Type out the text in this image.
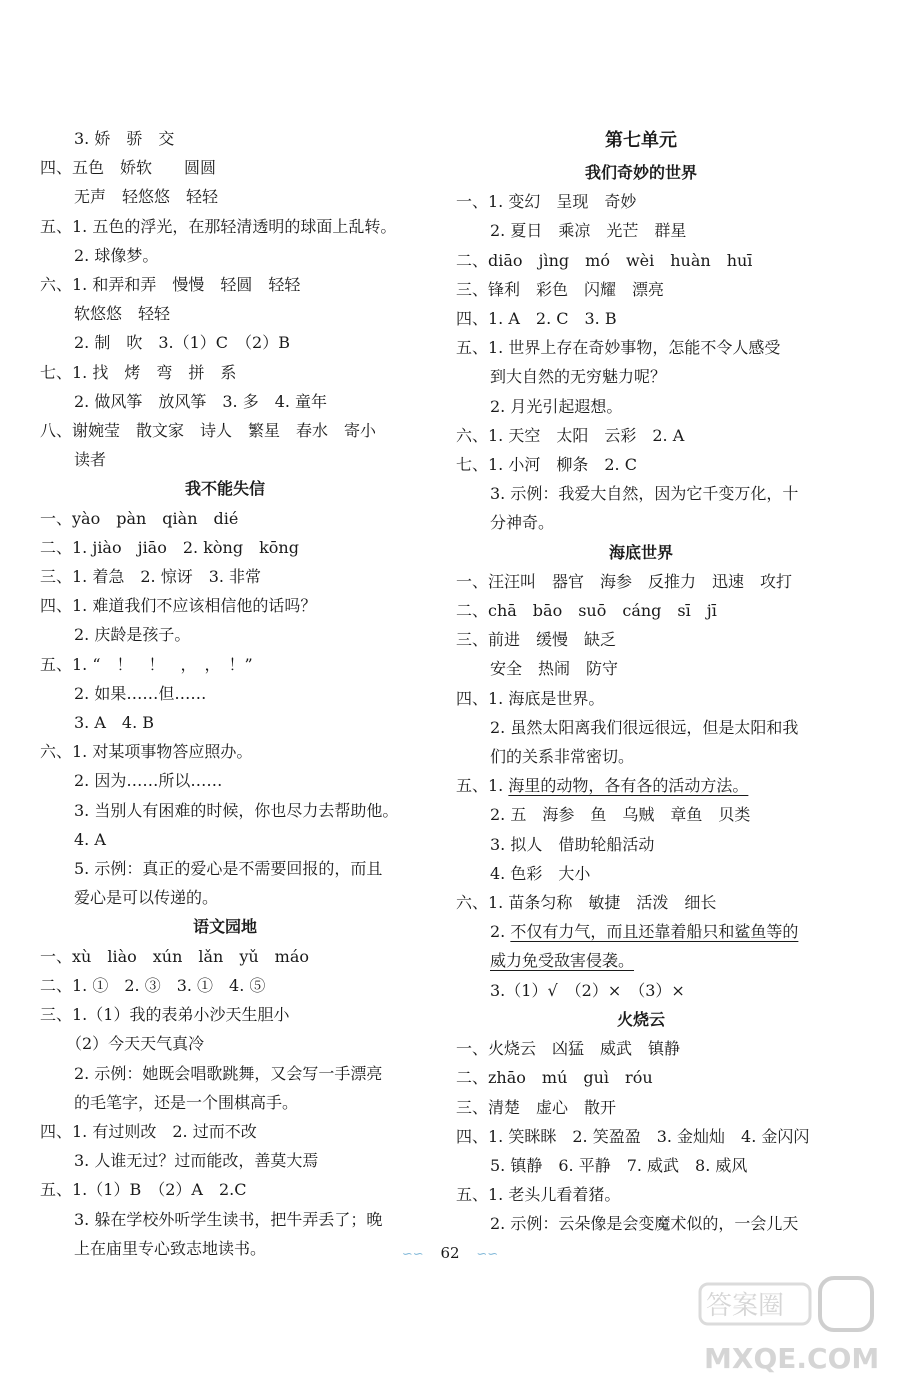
3. 娇　骄　交
四、五色　娇软　　圆圆
无声　轻悠悠　轻轻
五、1. 五色的浮光，在那轻清透明的球面上乱转。
2. 球像梦。
六、1. 和弄和弄　慢慢　轻圆　轻轻
软悠悠　轻轻
2. 制　吹　3.（1）C　（2）B
七、1. 找　烤　弯　拼　系
2. 做风筝　放风筝　3. 多　4. 童年
八、谢婉莹　散文家　诗人　繁星　春水　寄小
读者
我不能失信
一、yào　pàn　qiàn　dié
二、1. jiào　jiāo　2. kòng　kōng
三、1. 着急　2. 惊讶　3. 非常
四、1. 难道我们不应该相信他的话吗？
2. 庆龄是孩子。
五、1. “　！　！　，　，　！”
2. 如果……但……
3. A　4. B
六、1. 对某项事物答应照办。
2. 因为……所以……
3. 当别人有困难的时候，你也尽力去帮助他。
4. A
5. 示例：真正的爱心是不需要回报的，而且
爱心是可以传递的。
语文园地
一、xù　liào　xún　lǎn　yǔ　máo
二、1. ①　2. ③　3. ①　4. ⑤
三、1.（1）我的表弟小沙天生胆小
（2）今天天气真冷
2. 示例：她既会唱歌跳舞，又会写一手漂亮
的毛笔字，还是一个围棋高手。
四、1. 有过则改　2. 过而不改
3. 人谁无过？过而能改，善莫大焉
五、1.（1）B　（2）A　2.C
3. 躲在学校外听学生读书，把牛弄丢了；晚
上在庙里专心致志地读书。
第七单元
我们奇妙的世界
一、1. 变幻　呈现　奇妙
2. 夏日　乘凉　光芒　群星
二、diāo　jìng　mó　wèi　huàn　huī
三、锋利　彩色　闪耀　漂亮
四、1. A　2. C　3. B
五、1. 世界上存在奇妙事物，怎能不令人感受
到大自然的无穷魅力呢？
2. 月光引起遐想。
六、1. 天空　太阳　云彩　2. A
七、1. 小河　柳条　2. C
3. 示例：我爱大自然，因为它千变万化，十
分神奇。
海底世界
一、汪汪叫　器官　海参　反推力　迅速　攻打
二、chā　bāo　suō　cáng　sī　jī
三、前进　缓慢　缺乏
安全　热闹　防守
四、1. 海底是世界。
2. 虽然太阳离我们很远很远，但是太阳和我
们的关系非常密切。
五、1. 海里的动物，各有各的活动方法。
2. 五　海参　鱼　乌贼　章鱼　贝类
3. 拟人　借助轮船活动
4. 色彩　大小
六、1. 苗条匀称　敏捷　活泼　细长
2. 不仅有力气，而且还靠着船只和鲨鱼等的
威力免受敌害侵袭。
3.（1）√　（2）×　（3）×
火烧云
一、火烧云　凶猛　威武　镇静
二、zhāo　mú　guì　róu
三、清楚　虚心　散开
四、1. 笑眯眯　2. 笑盈盈　3. 金灿灿　4. 金闪闪
5. 镇静　6. 平静　7. 威武　8. 威风
五、1. 老头儿看着猪。
2. 示例：云朵像是会变魔术似的，一会儿天
∽∽ 62 ∽∽
答案圈
MXQE.COM
